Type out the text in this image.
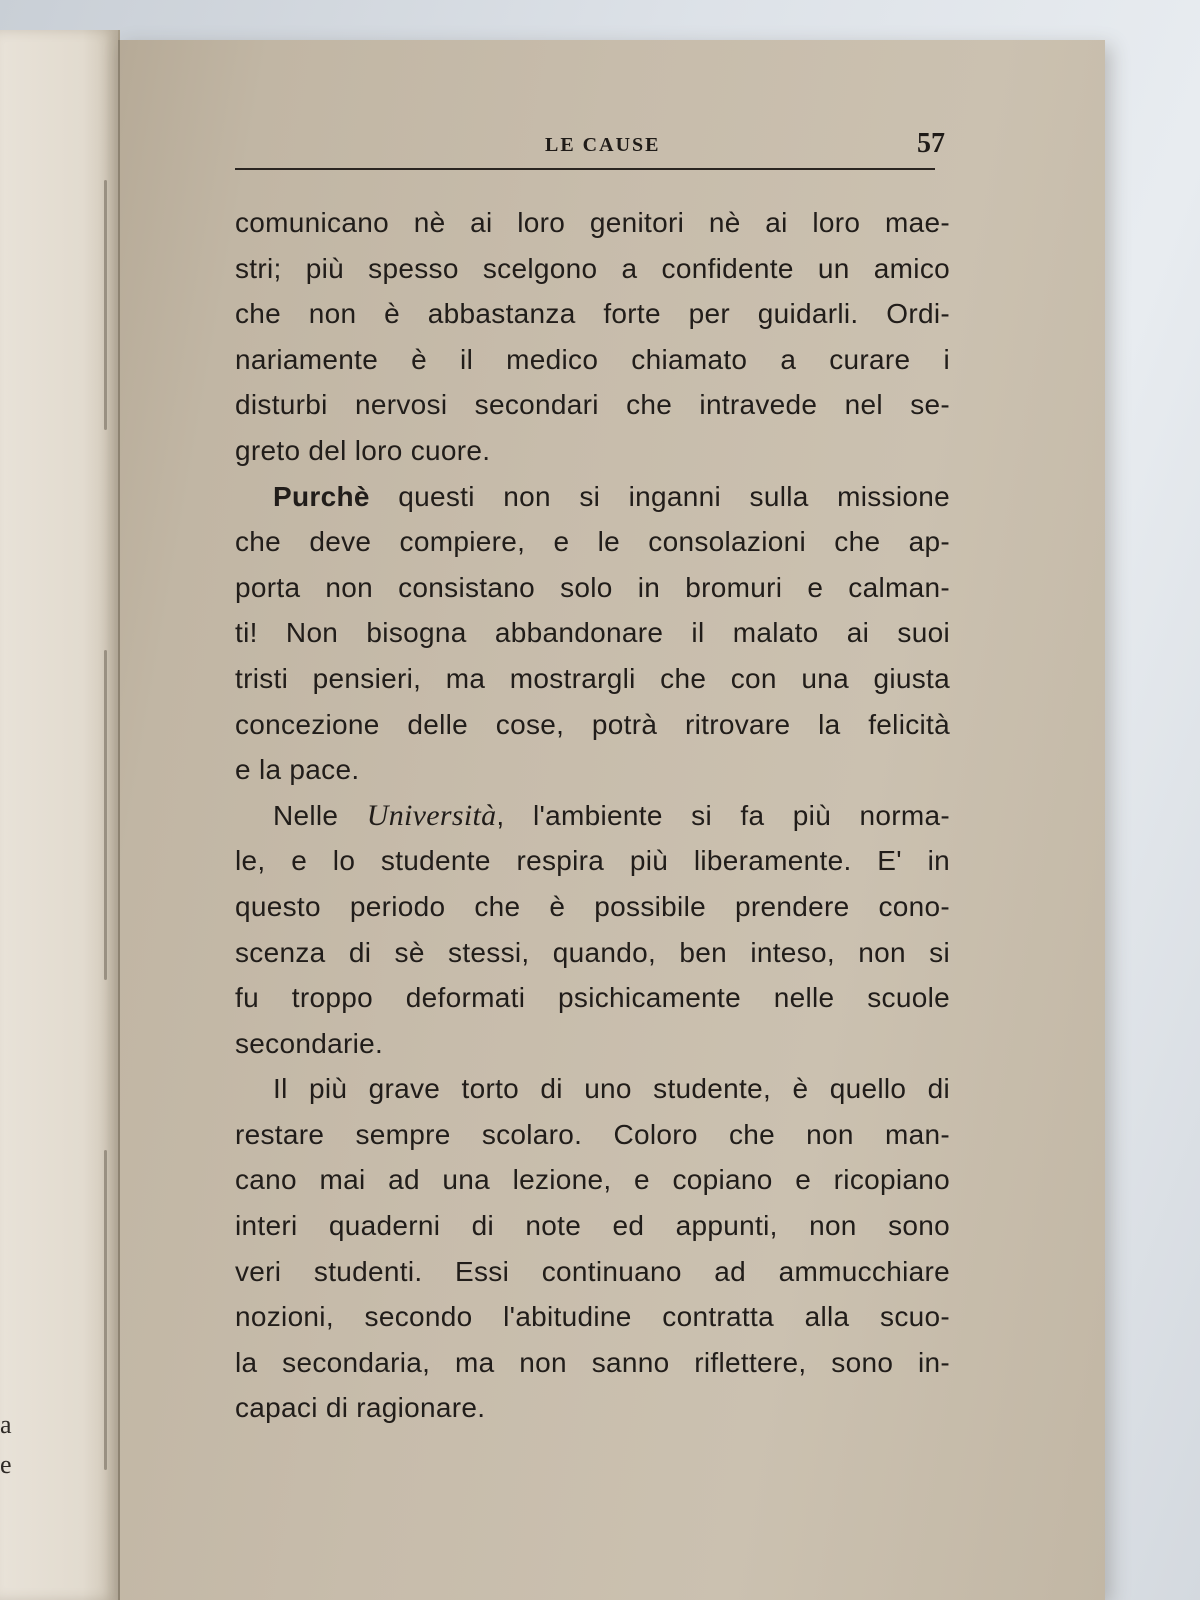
a
e
LE CAUSE	57
comunicano nè ai loro genitori nè ai loro mae-
stri; più spesso scelgono a confidente un amico
che non è abbastanza forte per guidarli. Ordi-
nariamente è il medico chiamato a curare i
disturbi nervosi secondari che intravede nel se-
greto del loro cuore.
Purchè questi non si inganni sulla missione
che deve compiere, e le consolazioni che ap-
porta non consistano solo in bromuri e calman-
ti! Non bisogna abbandonare il malato ai suoi
tristi pensieri, ma mostrargli che con una giusta
concezione delle cose, potrà ritrovare la felicità
e la pace.
Nelle Università, l'ambiente si fa più norma-
le, e lo studente respira più liberamente. E' in
questo periodo che è possibile prendere cono-
scenza di sè stessi, quando, ben inteso, non si
fu troppo deformati psichicamente nelle scuole
secondarie.
Il più grave torto di uno studente, è quello di
restare sempre scolaro. Coloro che non man-
cano mai ad una lezione, e copiano e ricopiano
interi quaderni di note ed appunti, non sono
veri studenti. Essi continuano ad ammucchiare
nozioni, secondo l'abitudine contratta alla scuo-
la secondaria, ma non sanno riflettere, sono in-
capaci di ragionare.
